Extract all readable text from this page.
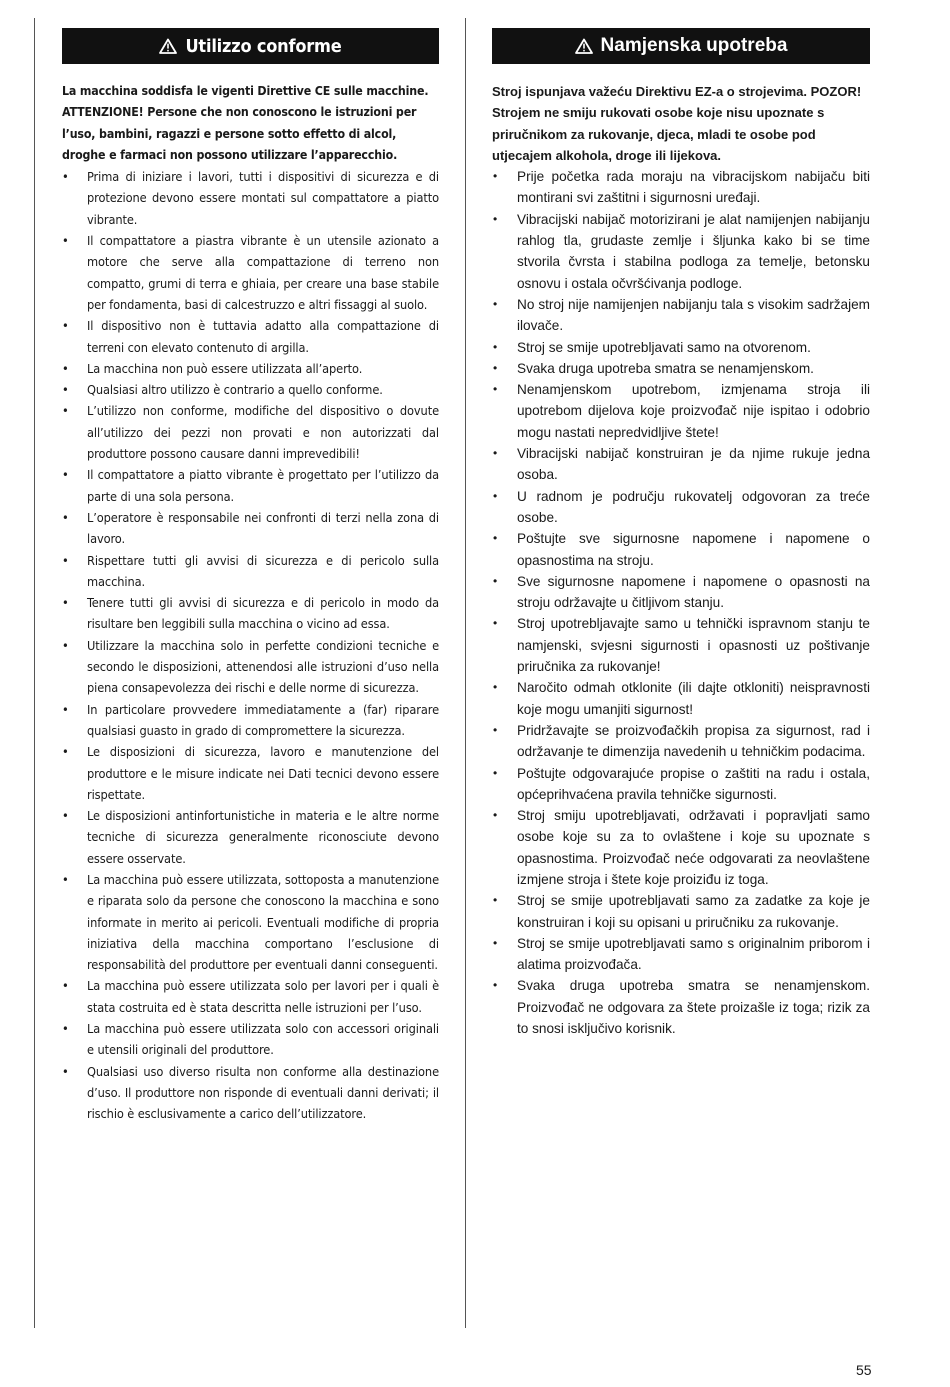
Utilizzo conforme

La macchina soddisfa le vigenti Direttive CE sulle macchine. ATTENZIONE! Persone che non conoscono le istruzioni per l’uso, bambini, ragazzi e persone sotto effetto di alcol, droghe e farmaci non possono utilizzare l’apparecchio.

• Prima di iniziare i lavori, tutti i dispositivi di sicurezza e di protezione devono essere montati sul compattatore a piatto vibrante.
• Il compattatore a piastra vibrante è un utensile azionato a motore che serve alla compattazione di terreno non compatto, grumi di terra e ghiaia, per creare una base stabile per fondamenta, basi di calcestruzzo e altri fissaggi al suolo.
• Il dispositivo non è tuttavia adatto alla compattazione di terreni con elevato contenuto di argilla.
• La macchina non può essere utilizzata all’aperto.
• Qualsiasi altro utilizzo è contrario a quello conforme.
• L’utilizzo non conforme, modifiche del dispositivo o dovute all’utilizzo dei pezzi non provati e non autorizzati dal produttore possono causare danni imprevedibili!
• Il compattatore a piatto vibrante è progettato per l’utilizzo da parte di una sola persona.
• L’operatore è responsabile nei confronti di terzi nella zona di lavoro.
• Rispettare tutti gli avvisi di sicurezza e di pericolo sulla macchina.
• Tenere tutti gli avvisi di sicurezza e di pericolo in modo da risultare ben leggibili sulla macchina o vicino ad essa.
• Utilizzare la macchina solo in perfette condizioni tecniche e secondo le disposizioni, attenendosi alle istruzioni d’uso nella piena consapevolezza dei rischi e delle norme di sicurezza.
• In particolare provvedere immediatamente a (far) riparare qualsiasi guasto in grado di compromettere la sicurezza.
• Le disposizioni di sicurezza, lavoro e manutenzione del produttore e le misure indicate nei Dati tecnici devono essere rispettate.
• Le disposizioni antinfortunistiche in materia e le altre norme tecniche di sicurezza generalmente riconosciute devono essere osservate.
• La macchina può essere utilizzata, sottoposta a manutenzione e riparata solo da persone che conoscono la macchina e sono informate in merito ai pericoli. Eventuali modifiche di propria iniziativa della macchina comportano l’esclusione di responsabilità del produttore per eventuali danni conseguenti.
• La macchina può essere utilizzata solo per lavori per i quali è stata costruita ed è stata descritta nelle istruzioni per l’uso.
• La macchina può essere utilizzata solo con accessori originali e utensili originali del produttore.
• Qualsiasi uso diverso risulta non conforme alla destinazione d’uso. Il produttore non risponde di eventuali danni derivati; il rischio è esclusivamente a carico dell’utilizzatore.
Namjenska upotreba

Stroj ispunjava važeću Direktivu EZ-a o strojevima. POZOR! Strojem ne smiju rukovati osobe koje nisu upoznate s priručnikom za rukovanje, djeca, mladi te osobe pod utjecajem alkohola, droge ili lijekova.

• Prije početka rada moraju na vibracijskom nabijaču biti montirani svi zaštitni i sigurnosni uređaji.
• Vibracijski nabijač motorizirani je alat namijenjen nabijanju rahlog tla, grudaste zemlje i šljunka kako bi se time stvorila čvrsta i stabilna podloga za temelje, betonsku osnovu i ostala očvršćivanja podloge.
• No stroj nije namijenjen nabijanju tala s visokim sadržajem ilovače.
• Stroj se smije upotrebljavati samo na otvorenom.
• Svaka druga upotreba smatra se nenamjenskom.
• Nenamjenskom upotrebom, izmjenama stroja ili upotrebom dijelova koje proizvođač nije ispitao i odobrio mogu nastati nepredvidljive štete!
• Vibracijski nabijač konstruiran je da njime rukuje jedna osoba.
• U radnom je području rukovatelj odgovoran za treće osobe.
• Poštujte sve sigurnosne napomene i napomene o opasnostima na stroju.
• Sve sigurnosne napomene i napomene o opasnosti na stroju održavajte u čitljivom stanju.
• Stroj upotrebljavajte samo u tehnički ispravnom stanju te namjenski, svjesni sigurnosti i opasnosti uz poštivanje priručnika za rukovanje!
• Naročito odmah otklonite (ili dajte otkloniti) neispravnosti koje mogu umanjiti sigurnost!
• Pridržavajte se proizvođačkih propisa za sigurnost, rad i održavanje te dimenzija navedenih u tehničkim podacima.
• Poštujte odgovarajuće propise o zaštiti na radu i ostala, općeprihvaćena pravila tehničke sigurnosti.
• Stroj smiju upotrebljavati, održavati i popravljati samo osobe koje su za to ovlaštene i koje su upoznate s opasnostima. Proizvođač neće odgovarati za neovlaštene izmjene stroja i štete koje proiziđu iz toga.
• Stroj se smije upotrebljavati samo za zadatke za koje je konstruiran i koji su opisani u priručniku za rukovanje.
• Stroj se smije upotrebljavati samo s originalnim priborom i alatima proizvođača.
• Svaka druga upotreba smatra se nenamjenskom. Proizvođač ne odgovara za štete proizašle iz toga; rizik za to snosi isključivo korisnik.
55
